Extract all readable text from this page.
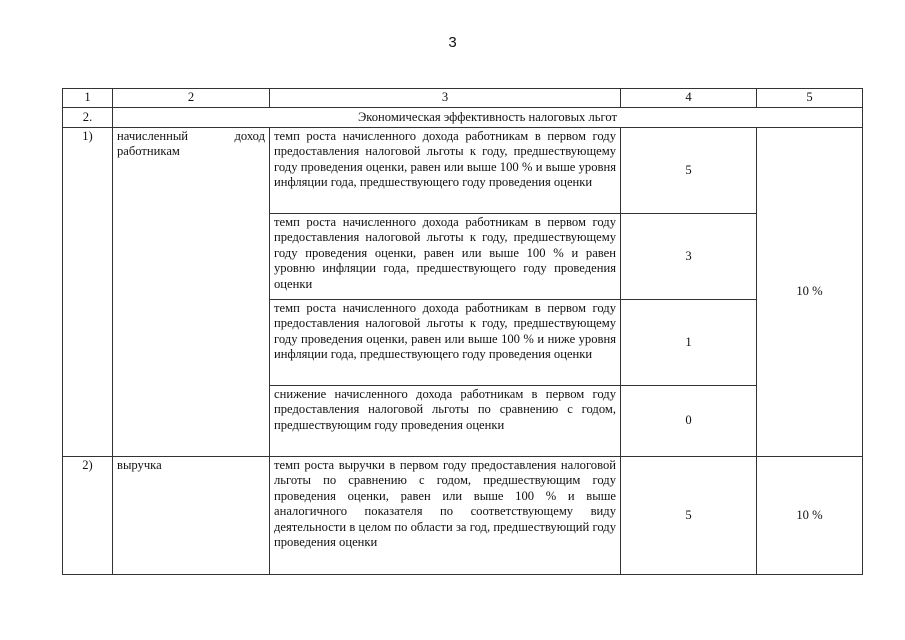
3
1	2	3	4	5
2.	Экономическая эффективность налоговых льгот			
1)	начисленный доход работникам	темп роста начисленного дохода работникам в первом году предоставления налоговой льготы к году, предшествующему году проведения оценки, равен или выше 100 % и выше уровня инфляции года, предшествующего году проведения оценки	5	10 %
		темп роста начисленного дохода работникам в первом году предоставления налоговой льготы к году, предшествующему году проведения оценки, равен или выше 100 % и равен уровню инфляции года, предшествующего году проведения оценки	3	
		темп роста начисленного дохода работникам в первом году предоставления налоговой льготы к году, предшествующему году проведения оценки, равен или выше 100 % и ниже уровня инфляции года, предшествующего году проведения оценки	1	
		снижение начисленного дохода работникам в первом году предоставления налоговой льготы по сравнению с годом, предшествующим году проведения оценки	0	
2)	выручка	темп роста выручки в первом году предоставления налоговой льготы по сравнению с годом, предшествующим году проведения оценки, равен или выше 100 % и выше аналогичного показателя по соответствующему виду деятельности в целом по области за год, предшествующий году проведения оценки	5	10 %
